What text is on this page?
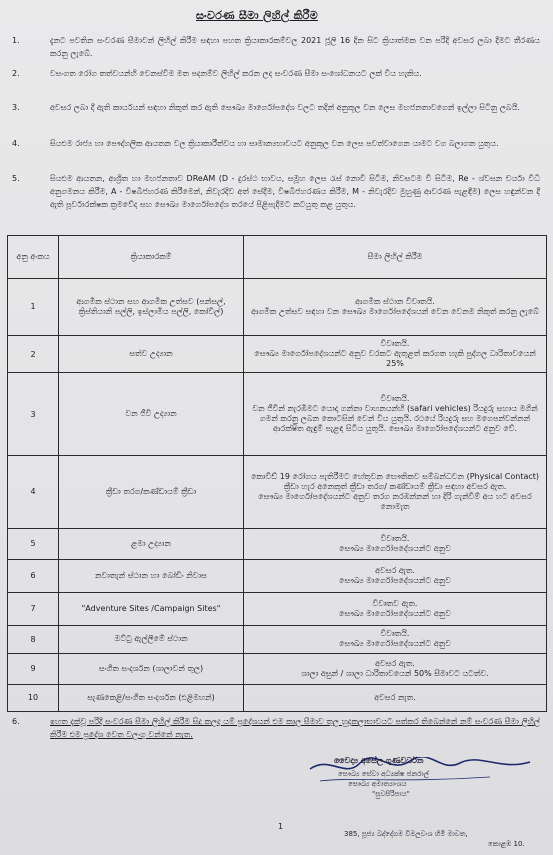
සංවරණ සීමා ලිහිල් කිරීම
1.	දැනට පවතින සංවරණ සීමාවන් ලිහිල් කිරීම සඳහා පහත ක්‍රියාකාරකම්වල 2021 ජූලි 16 දින සිට ක්‍රියාත්මක වන පරිදි අවසර ලබා දීමට තීරණය කරනු ලැබේ.
2.	වසංගත රෝග තත්වයන්හි වෙනස්වීම මත පදනම්ව ලිහිල් කරන ලද සංවරණ සීමා සංශෝධනයට ලක් විය හැකිය.
3.	අවසර ලබා දී ඇති කාර්යයන් සඳහා නිකුත් කර ඇති සෞඛ්‍ය මාර්ගෝපදේශ වලට තදින් අනුකූල වන ලෙස මහජනතාවගෙන් ඉල්ලා සිටිනු ලබයි.
4.	සියළුම රාජ්‍ය හා පෞද්ගලික ආයතන වල ක්‍රියාකාරීත්වය හා සාමාන්‍යභාවයට අනුකූල වන ලෙස පවත්වාගෙන යාමට වග බලාගත යුතුය.
5.	සියළුම ආයතන, ආශ්‍රිත හා මහජනතාව DReAM (D - දුරස්ථ භාවය, සමූහ ලෙස රැස් නොවී සිටීම, නිවසටම වී සිටීම, Re - ශ්වසන චර්යා විධි අනුගමනය කිරීම, A - විෂබීජහරණ කිරීමෙන්, නිවැරදිව අත් සේදීම, විෂබීජහරණය කිරීම, M - නිවැරදිව මුහුණු ආවරණ පැළඳීම) ලෙස හඳුන්වන දී ඇති පූර්වාරක්ෂක ක්‍රමවේද සහ සෞඛ්‍ය මාර්ගෝපදේශ තරයේ පිළිපැදීමට කටයුතු කළ යුතුය.
අනු අංකය	ක්‍රියාකාරකම්	සීමා ලිහිල් කිරීම
1	ආගමික ස්ථාන සහ ආගමික උත්සව (පන්සල්, ක්‍රිස්තියානි පල්ලි, ඉස්ලාමීය පල්ලි, කෝවිල්)	ආගමික ස්ථාන විවෘතයි.
ආගමික උත්සව සඳහා වන සෞඛ්‍ය මාර්ගෝපදේශයන් වෙන වෙනම නිකුත් කරනු ලැබේ
2	සත්ව උද්‍යාන	විවෘතයි.
සෞඛ්‍ය මාර්ගෝපදේශයන්ට අනුව වරකට ඇතුළත් කරගත හැකි පුද්ගල ධාරිතාවයෙන් 25%
3	වන ජීවී උද්‍යාන	විවෘතයි.
වන ජීවීන් නැරඹීමට යොදා ගන්නා වාහනයන්හි (safari vehicles) රියදුරු සහාය මගින් ගමන් කරනු ලබන කොටසින් වෙන් විය යුතුයි. රථයේ රියදුරු සහ මගෙපන්වන්නන් ආරක්ෂිත ඇඳුම් පැළඳ සිටිය යුතුයි. සෞඛ්‍ය මාර්ගෝපදේශයන්ට අනුව වේ.
4	ක්‍රීඩා තරග/කණ්ඩායම් ක්‍රීඩා	කොවිඩ් 19 රෝගය පැතිරීමට හේතුවන භෞතිකව සම්බන්ධවන (Physical Contact) ක්‍රීඩා හැර අනෙකුත් ක්‍රීඩා තරග/ කණ්ඩායම් ක්‍රීඩා සඳහා අවසර ඇත.
සෞඛ්‍ය මාර්ගෝපදේශයන්ට අනුව තරග නරඹන්නන් හා දිරි ගැන්වීම් අය හට අවසර නොමැත
5	ළමා උද්‍යාන	විවෘතයි.
සෞඛ්‍ය මාර්ගෝපදේශයන්ට අනුව
6	නවාතැන් ස්ථාන හා බෝඩිං නිවාස	අවසර ඇත.
සෞඛ්‍ය මාර්ගෝපදේශයන්ට අනුව
7	"Adventure Sites /Campaign Sites"	විවෘතව ඇත.
සෞඛ්‍ය මාර්ගෝපදේශයන්ට අනුව
8	ඔට්ටු ඇල්ලීමේ ස්ථාන	විවෘතයි.
සෞඛ්‍ය මාර්ගෝපදේශයන්ට අනුව
9	සංගීත සංදර්ශන (ශාලාවන් තුල)	අවසර ඇත.
ශාලා අසුන් / ශාලා ධාරිතාවයෙන් 50% සීමාවට යටත්ව.
10	සැණකෙළි/සංගීත සංදර්ශන (එළිමහන්)	අවසර නැත.
6.	ඉහත දැක්වූ පරිදි සංවරණ සීමා ලිහිල් කිරීම සිදු කලද යම් ප්‍රදේශයන් එම කාල සීමාව තුල හුදකලාභාවයට පත්කර තිබෙන්නේ නම් සංවරණ සීමා ලිහිල් කිරීම එම ප්‍රදේශ වෙත වලංගු වන්නේ නැත.
වෛද්‍ය අසේල ගුණවර්ධන
සෞඛ්‍ය සේවා අධ්‍යක්ෂ ජනරාල්
සෞඛ්‍ය අමාත්‍යාංශය
"සුවසිරිපාය"
385, පූජ්‍ය බද්දේගම විමලවංශ හිමි මාවත,
කොළඹ 10.
1
